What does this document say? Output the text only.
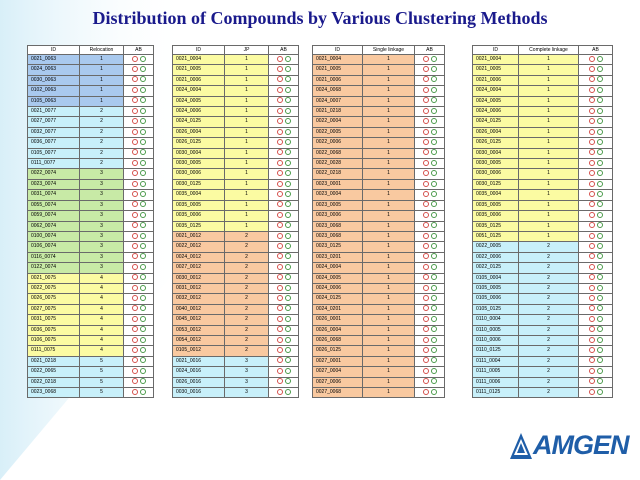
Distribution of Compounds by Various Clustering Methods
ID	Relocation	AB
0021_0063	1	
0024_0063	1	
0030_0063	1	
0102_0063	1	
0105_0063	1	
0021_0077	2	
0027_0077	2	
0032_0077	2	
0036_0077	2	
0105_0077	2	
0111_0077	2	
0022_0074	3	
0023_0074	3	
0031_0074	3	
0055_0074	3	
0059_0074	3	
0062_0074	3	
0100_0074	3	
0106_0074	3	
0116_0074	3	
0122_0074	3	
0021_0075	4	
0022_0075	4	
0026_0075	4	
0027_0075	4	
0031_0075	4	
0036_0075	4	
0106_0075	4	
0111_0075	4	
0021_0218	5	
0022_0065	5	
0022_0218	5	
0023_0068	5	
ID	JP	AB
0021_0004	1	
0021_0005	1	
0021_0006	1	
0024_0004	1	
0024_0005	1	
0024_0006	1	
0024_0125	1	
0026_0004	1	
0026_0125	1	
0030_0004	1	
0030_0005	1	
0030_0006	1	
0030_0125	1	
0035_0004	1	
0035_0005	1	
0035_0006	1	
0035_0125	1	
0021_0012	2	
0022_0012	2	
0024_0012	2	
0027_0012	2	
0030_0012	2	
0031_0012	2	
0032_0012	2	
0040_0012	2	
0045_0012	2	
0053_0012	2	
0054_0012	2	
0105_0012	2	
0021_0016	3	
0024_0016	3	
0026_0016	3	
0030_0016	3	
ID	Single linkage	AB
0021_0004	1	
0021_0005	1	
0021_0006	1	
0024_0068	1	
0024_0007	1	
0021_0218	1	
0022_0004	1	
0022_0005	1	
0022_0006	1	
0022_0068	1	
0022_0028	1	
0022_0218	1	
0023_0001	1	
0023_0004	1	
0023_0005	1	
0023_0006	1	
0023_0068	1	
0023_0068	1	
0023_0125	1	
0023_0201	1	
0024_0004	1	
0024_0005	1	
0024_0006	1	
0024_0125	1	
0024_0201	1	
0026_0001	1	
0026_0004	1	
0026_0068	1	
0026_0125	1	
0027_0001	1	
0027_0004	1	
0027_0006	1	
0027_0068	1	
ID	Complete linkage	AB
0021_0004	1	
0021_0005	1	
0021_0006	1	
0024_0004	1	
0024_0005	1	
0024_0006	1	
0024_0125	1	
0026_0004	1	
0026_0125	1	
0030_0004	1	
0030_0005	1	
0030_0006	1	
0030_0125	1	
0035_0004	1	
0035_0005	1	
0035_0006	1	
0035_0125	1	
0051_0125	1	
0022_0005	2	
0022_0006	2	
0022_0125	2	
0105_0004	2	
0105_0005	2	
0105_0006	2	
0105_0125	2	
0110_0004	2	
0110_0005	2	
0110_0006	2	
0110_0125	2	
0111_0004	2	
0111_0005	2	
0111_0006	2	
0111_0125	2	
AMGEN
